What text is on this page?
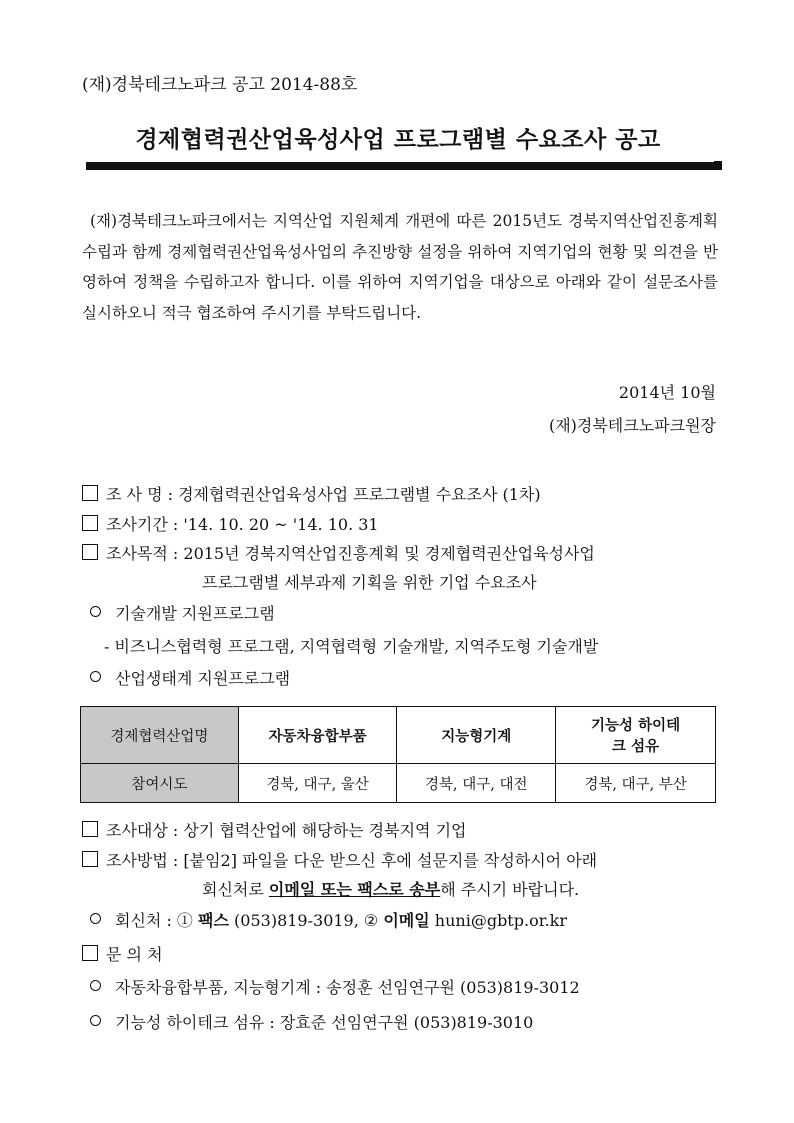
(재)경북테크노파크 공고 2014-88호
경제협력권산업육성사업 프로그램별 수요조사 공고
(재)경북테크노파크에서는 지역산업 지원체계 개편에 따른 2015년도 경북지역산업진흥계획 수립과 함께 경제협력권산업육성사업의 추진방향 설정을 위하여 지역기업의 현황 및 의견을 반영하여 정책을 수립하고자 합니다. 이를 위하여 지역기업을 대상으로 아래와 같이 설문조사를 실시하오니 적극 협조하여 주시기를 부탁드립니다.
2014년 10월
(재)경북테크노파크원장
조 사 명 : 경제협력권산업육성사업 프로그램별 수요조사 (1차)
조사기간 : '14. 10. 20 ~ '14. 10. 31
조사목적 : 2015년 경북지역산업진흥계획 및 경제협력권산업육성사업
프로그램별 세부과제 기획을 위한 기업 수요조사
기술개발 지원프로그램
- 비즈니스협력형 프로그램, 지역협력형 기술개발, 지역주도형 기술개발
산업생태계 지원프로그램
경제협력산업명	자동차융합부품	지능형기계	기능성 하이테크 섬유
참여시도	경북, 대구, 울산	경북, 대구, 대전	경북, 대구, 부산
조사대상 : 상기 협력산업에 해당하는 경북지역 기업
조사방법 : [붙임2] 파일을 다운 받으신 후에 설문지를 작성하시어 아래
회신처로 이메일 또는 팩스로 송부해 주시기 바랍니다.
회신처 : ① 팩스 (053)819-3019, ② 이메일 huni@gbtp.or.kr
문 의 처
자동차융합부품, 지능형기계 : 송정훈 선임연구원 (053)819-3012
기능성 하이테크 섬유 : 장효준 선임연구원 (053)819-3010
